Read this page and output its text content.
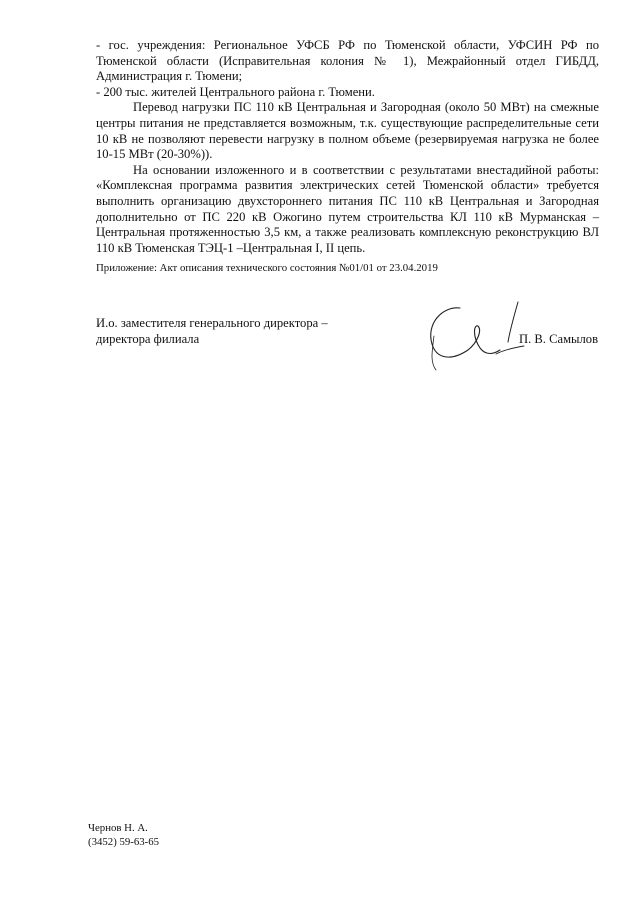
- гос. учреждения: Региональное УФСБ РФ по Тюменской области, УФСИН РФ по Тюменской области (Исправительная колония № 1), Межрайонный отдел ГИБДД, Администрация г. Тюмени;

- 200 тыс. жителей Центрального района г. Тюмени.

Перевод нагрузки ПС 110 кВ Центральная и Загородная (около 50 МВт) на смежные центры питания не представляется возможным, т.к. существующие распределительные сети 10 кВ не позволяют перевести нагрузку в полном объеме (резервируемая нагрузка не более 10-15 МВт (20-30%)).

На основании изложенного и в соответствии с результатами внестадийной работы: «Комплексная программа развития электрических сетей Тюменской области» требуется выполнить организацию двухстороннего питания ПС 110 кВ Центральная и Загородная дополнительно от ПС 220 кВ Ожогино путем строительства КЛ 110 кВ Мурманская – Центральная протяженностью 3,5 км, а также реализовать комплексную реконструкцию ВЛ 110 кВ Тюменская ТЭЦ-1 –Центральная I, II цепь.

Приложение: Акт описания технического состояния №01/01 от 23.04.2019
И.о. заместителя генерального директора –
директора филиала	П. В. Самылов
Чернов Н. А.
(3452) 59-63-65
